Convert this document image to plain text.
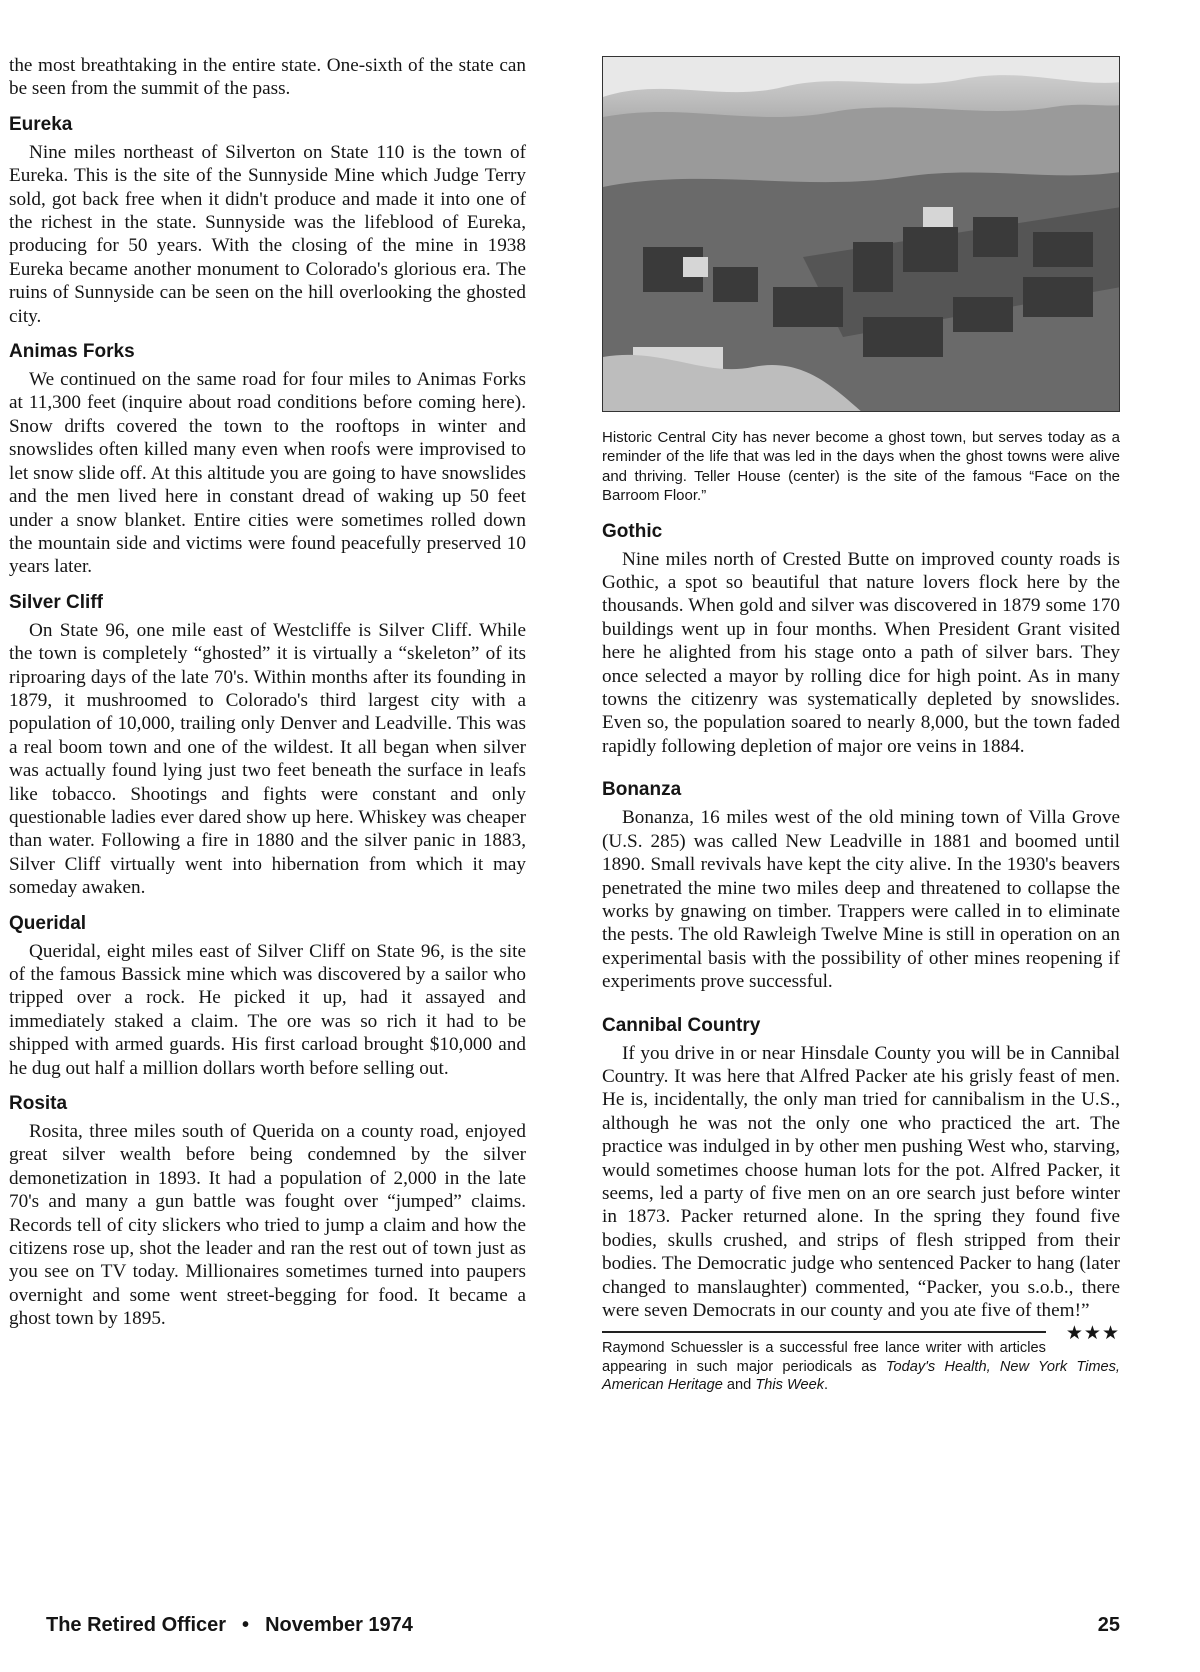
the most breathtaking in the entire state. One-sixth of the state can be seen from the summit of the pass.

Eureka

Nine miles northeast of Silverton on State 110 is the town of Eureka. This is the site of the Sunnyside Mine which Judge Terry sold, got back free when it didn't produce and made it into one of the richest in the state. Sunnyside was the lifeblood of Eureka, producing for 50 years. With the closing of the mine in 1938 Eureka became another monument to Colorado's glorious era. The ruins of Sunnyside can be seen on the hill overlooking the ghosted city.

Animas Forks

We continued on the same road for four miles to Animas Forks at 11,300 feet (inquire about road conditions before coming here). Snow drifts covered the town to the rooftops in winter and snowslides often killed many even when roofs were improvised to let snow slide off. At this altitude you are going to have snowslides and the men lived here in constant dread of waking up 50 feet under a snow blanket. Entire cities were sometimes rolled down the mountain side and victims were found peacefully preserved 10 years later.

Silver Cliff

On State 96, one mile east of Westcliffe is Silver Cliff. While the town is completely “ghosted” it is virtually a “skeleton” of its riproaring days of the late 70's. Within months after its founding in 1879, it mushroomed to Colorado's third largest city with a population of 10,000, trailing only Denver and Leadville. This was a real boom town and one of the wildest. It all began when silver was actually found lying just two feet beneath the surface in leafs like tobacco. Shootings and fights were constant and only questionable ladies ever dared show up here. Whiskey was cheaper than water. Following a fire in 1880 and the silver panic in 1883, Silver Cliff virtually went into hibernation from which it may someday awaken.

Queridal

Queridal, eight miles east of Silver Cliff on State 96, is the site of the famous Bassick mine which was discovered by a sailor who tripped over a rock. He picked it up, had it assayed and immediately staked a claim. The ore was so rich it had to be shipped with armed guards. His first carload brought $10,000 and he dug out half a million dollars worth before selling out.

Rosita

Rosita, three miles south of Querida on a county road, enjoyed great silver wealth before being condemned by the silver demonetization in 1893. It had a population of 2,000 in the late 70's and many a gun battle was fought over “jumped” claims. Records tell of city slickers who tried to jump a claim and how the citizens rose up, shot the leader and ran the rest out of town just as you see on TV today. Millionaires sometimes turned into paupers overnight and some went street-begging for food. It became a ghost town by 1895.

Historic Central City has never become a ghost town, but serves today as a reminder of the life that was led in the days when the ghost towns were alive and thriving. Teller House (center) is the site of the famous “Face on the Barroom Floor.”

Gothic

Nine miles north of Crested Butte on improved county roads is Gothic, a spot so beautiful that nature lovers flock here by the thousands. When gold and silver was discovered in 1879 some 170 buildings went up in four months. When President Grant visited here he alighted from his stage onto a path of silver bars. They once selected a mayor by rolling dice for high point. As in many towns the citizenry was systematically depleted by snowslides. Even so, the population soared to nearly 8,000, but the town faded rapidly following depletion of major ore veins in 1884.

Bonanza

Bonanza, 16 miles west of the old mining town of Villa Grove (U.S. 285) was called New Leadville in 1881 and boomed until 1890. Small revivals have kept the city alive. In the 1930's beavers penetrated the mine two miles deep and threatened to collapse the works by gnawing on timber. Trappers were called in to eliminate the pests. The old Rawleigh Twelve Mine is still in operation on an experimental basis with the possibility of other mines reopening if experiments prove successful.

Cannibal Country

If you drive in or near Hinsdale County you will be in Cannibal Country. It was here that Alfred Packer ate his grisly feast of men. He is, incidentally, the only man tried for cannibalism in the U.S., although he was not the only one who practiced the art. The practice was indulged in by other men pushing West who, starving, would sometimes choose human lots for the pot. Alfred Packer, it seems, led a party of five men on an ore search just before winter in 1873. Packer returned alone. In the spring they found five bodies, skulls crushed, and strips of flesh stripped from their bodies. The Democratic judge who sentenced Packer to hang (later changed to manslaughter) commented, “Packer, you s.o.b., there were seven Democrats in our county and you ate five of them!”
★★★

Raymond Schuessler is a successful free lance writer with articles appearing in such major periodicals as Today's Health, New York Times, American Heritage and This Week.

The Retired Officer • November 1974	25
